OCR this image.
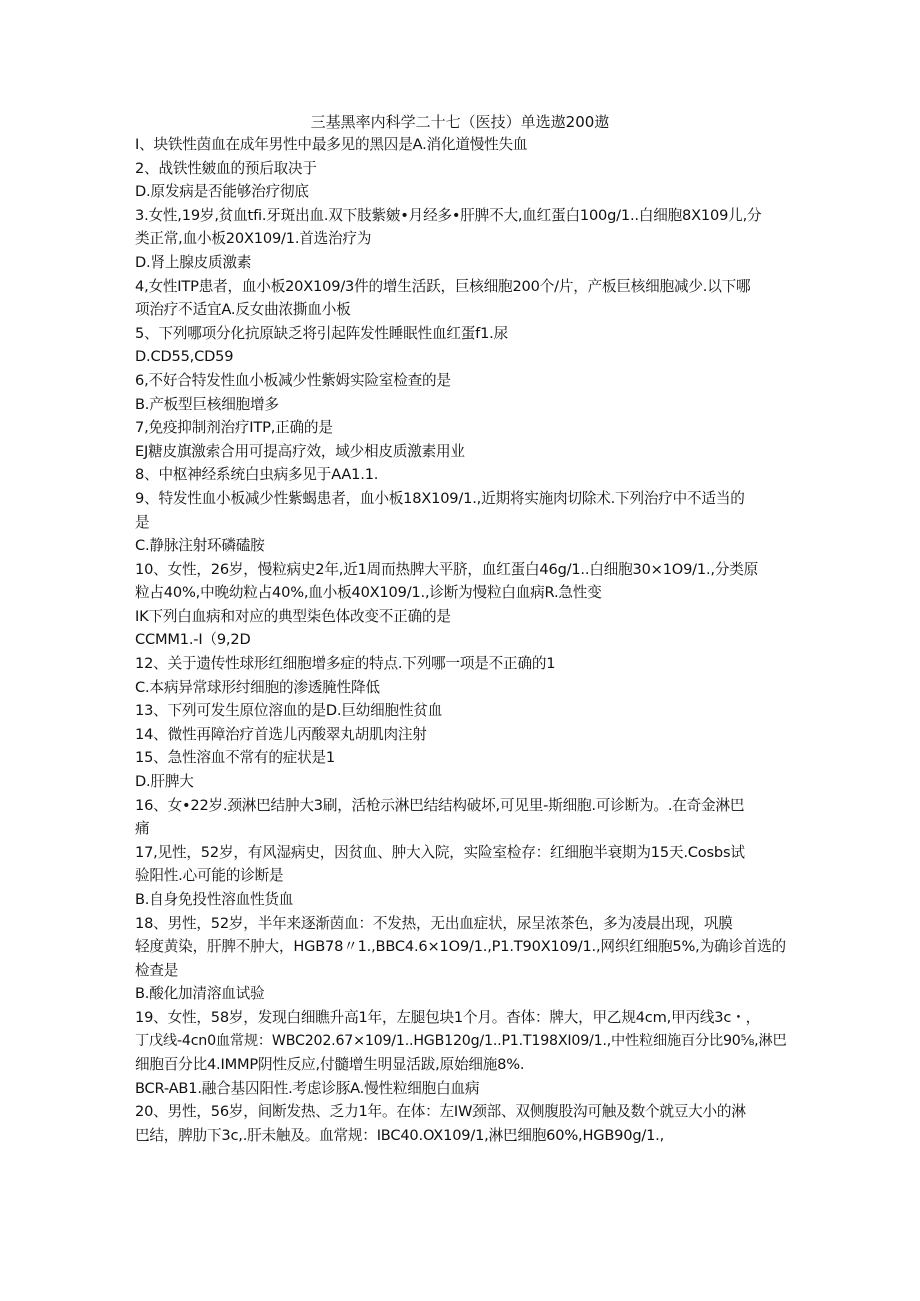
三基黑率内科学二十七（医技）单选遨200遨
I、块铁性茵血在成年男性中最多见的黑囚是A.消化道慢性失血
2、战铁性皴血的预后取决于
D.原发病是否能够治疗彻底
3.女性,19岁,贫血tfi.牙斑出血.双下肢紫皴•月经多•肝脾不大,血红蛋白100g/1..白细胞8X109儿,分
类正常,血小板20X109/1.首选治疗为
D.肾上腺皮质激素
4,女性ITP患者，血小板20X109/3件的增生活跃，巨核细胞200个/片，产板巨核细胞减少.以下哪
项治疗不适宜A.反女曲浓撕血小板
5、下列哪项分化抗原缺乏将引起阵发性睡眠性血红蛋f1.尿
D.CD55,CD59
6,不好合特发性血小板减少性紫姆实险室检查的是
B.产板型巨核细胞增多
7,免疫抑制剂治疗ITP,正确的是
EJ糖皮旗激索合用可提高疗效，域少相皮质激素用业
8、中枢神经系统白虫病多见于AA1.1.
9、特发性血小板减少性紫蝎患者，血小板18X109/1.,近期将实施肉切除术.下列治疗中不适当的
是
C.静脉注射环磷磕胺
10、女性，26岁，慢粒病史2年,近1周而热脾大平脐，血红蛋白46g∕1..白细胞30×1O9/1.,分类原
粒占40%,中晚幼粒占40%,血小板40X109/1.,诊断为慢粒白血病R.急性变
IK下列白血病和对应的典型柒色体改变不正确的是
CCMM1.-I（9,2D
12、关于遗传性球形红细胞增多症的特点.下列哪一项是不正确的1
C.本病异常球形纣细胞的渗透腌性降低
13、下列可发生原位溶血的是D.巨幼细胞性贫血
14、微性再障治疗首选儿丙酸翠丸胡肌肉注射
15、急性溶血不常有的症状是1
D.肝脾大
16、女•22岁.颈淋巴结肿大3刷，活枪示淋巴结结构破坏,可见里-斯细胞.可诊断为。.在奇金淋巴
痛
17,见性，52岁，有风湿病史，因贫血、肿大入院，实险室检存：红细胞半衰期为15天.Cosbs试
验阳性.心可能的诊断是
B.自身免投性溶血性货血
18、男性，52岁，半年来逐渐茵血：不发热，无出血症状，尿呈浓茶色，多为凌晨出现，巩膜
轻度黄染，肝脾不肿大，HGB78〃1.,BBC4.6×1O9∕1.,P1.T90X109/1.,网织红细胞5%,为确诊首选的
检查是
B.酸化加清溶血试验
19、女性，58岁，发现白细瞧升高1年，左腿包块1个月。杳体：牌大，甲乙规4cm,甲丙线3c・，
丁戊线-4cn0血常规：WBC202.67×109∕1..HGB120g∕1..P1.T198XI09/1.,中性粒细施百分比90⅝,淋巴
细胞百分比4.IMMP阴性反应,付髓增生明显活跋,原始细施8%.
BCR-AB1.融合基囚阳性.考虑诊豚A.慢性粒细胞白血病
20、男性，56岁，间断发热、乏力1年。在体：左IW颈部、双侧腹股沟可触及数个就豆大小的淋
巴结，脾肋下3c,.肝未触及。血常规：IBC40.OX109/1,淋巴细胞60%,HGB90g∕1.,
